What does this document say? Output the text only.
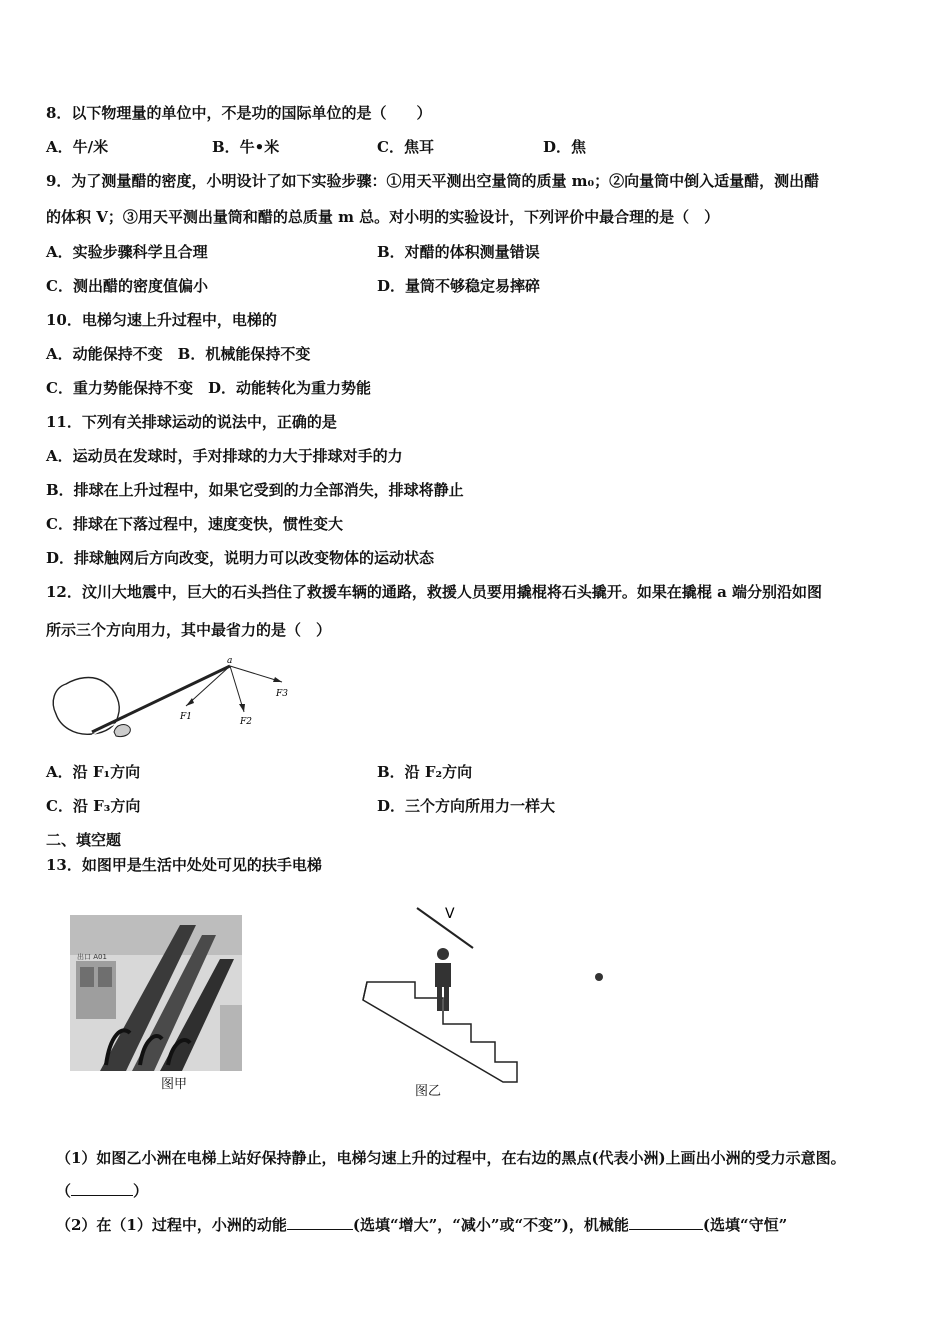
8．以下物理量的单位中，不是功的国际单位的是（　　）
A．牛/米	B．牛•米	C．焦耳	D．焦
9．为了测量醋的密度，小明设计了如下实验步骤：①用天平测出空量筒的质量 m₀；②向量筒中倒入适量醋，测出醋
的体积 V；③用天平测出量筒和醋的总质量 m 总。对小明的实验设计，下列评价中最合理的是（　）
A．实验步骤科学且合理	B．对醋的体积测量错误
C．测出醋的密度值偏小	D．量筒不够稳定易摔碎
10．电梯匀速上升过程中，电梯的
A．动能保持不变　B．机械能保持不变
C．重力势能保持不变　D．动能转化为重力势能
11．下列有关排球运动的说法中，正确的是
A．运动员在发球时，手对排球的力大于排球对手的力
B．排球在上升过程中，如果它受到的力全部消失，排球将静止
C．排球在下落过程中，速度变快，惯性变大
D．排球触网后方向改变，说明力可以改变物体的运动状态
12．汶川大地震中，巨大的石头挡住了救援车辆的通路，救援人员要用撬棍将石头撬开。如果在撬棍 a 端分别沿如图
所示三个方向用力，其中最省力的是（　）
a
F1	F2
F3
A．沿 F₁方向	B．沿 F₂方向
C．沿 F₃方向	D．三个方向所用力一样大
二、填空题
13．如图甲是生活中处处可见的扶手电梯
出口 A01
图甲
V
图乙
（1）如图乙小洲在电梯上站好保持静止，电梯匀速上升的过程中，在右边的黑点(代表小洲)上画出小洲的受力示意图。
（	）
（2）在（1）过程中，小洲的动能	(选填“增大”，“减小”或“不变”)，机械能	(选填“守恒”
